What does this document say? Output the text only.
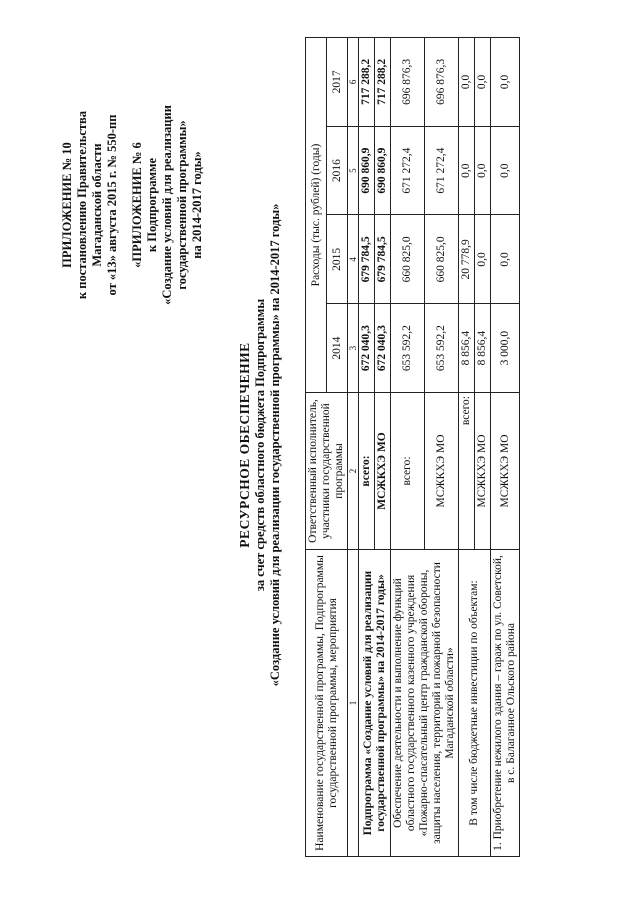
ПРИЛОЖЕНИЕ № 10 к постановлению Правительства Магаданской области от «13» августа 2015 г. № 550-пп «ПРИЛОЖЕНИЕ № 6 к Подпрограмме «Создание условий для реализации государственной программы» на 2014-2017 годы»
РЕСУРСНОЕ ОБЕСПЕЧЕНИЕ за счет средств областного бюджета Подпрограммы «Создание условий для реализации государственной программы» на 2014-2017 годы»
Наименование государственной программы, Подпрограммы государственной программы, мероприятия	Ответственный исполнитель, участники государственной программы	Расходы (тыс. рублей) (годы)			
		2014	2015	2016	2017
1	2	3	4	5	6
Подпрограмма «Создание условий для реализации государственной программы» на 2014-2017 годы»	всего:	672 040,3	679 784,5	690 860,9	717 288,2
	МСЖКХЭ МО	672 040,3	679 784,5	690 860,9	717 288,2
Обеспечение деятельности и выполнение функций областного государственного казенного учреждения «Пожарно-спасательный центр гражданской обороны, защиты населения, территорий и пожарной безопасности Магаданской области»	всего:	653 592,2	660 825,0	671 272,4	696 876,3
	МСЖКХЭ МО	653 592,2	660 825,0	671 272,4	696 876,3
В том числе бюджетные инвестиции по объектам:	всего:	8 856,4	20 778,9	0,0	0,0
	МСЖКХЭ МО	8 856,4	0,0	0,0	0,0
1. Приобретение нежилого здания – гараж по ул. Советской, в с. Балаганное Ольского района	МСЖКХЭ МО	3 000,0	0,0	0,0	0,0
